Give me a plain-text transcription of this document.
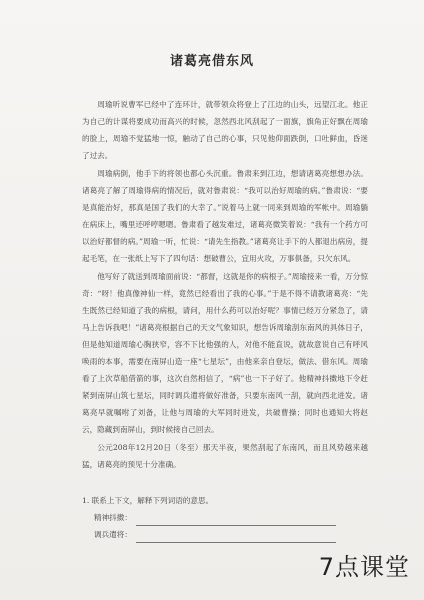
诸葛亮借东风

周瑜听说曹军已经中了连环计，就带领众将登上了江边的山头，远望江北。他正为自己的计谋将要成功而高兴的时候，忽然西北风刮起了一面旗，旗角正好飘在周瑜的脸上，周瑜不觉猛地一惊，触动了自己的心事，只见他仰面跌倒，口吐鲜血，昏迷了过去。

周瑜病倒，他手下的将领也都心头沉重。鲁肃来到江边，想请诸葛亮想想办法。诸葛亮了解了周瑜得病的情况后，就对鲁肃说：“我可以治好周瑜的病。”鲁肃说：“要是真能治好，那真是国了我们的大幸了。”说着马上就一同来到周瑜的军帐中。周瑜躺在病床上，嘴里还呼哼嗯嗯。鲁肃看了越发难过，诸葛亮微笑着说：“我有一个药方可以治好都督的病。”周瑜一听，忙说：“请先生指教。”诸葛亮让手下的人都退出病房，提起毛笔，在一张纸上写下了四句话：想破曹公，宜用火攻，万事俱备，只欠东风。

他写好了就送到周瑜面前说：“都督，这就是你的病根子。”周瑜接来一看，万分惊奇：“呀！他真像神仙一样，竟然已经看出了我的心事。”于是不得不请教诸葛亮：“先生既然已经知道了我的病根，请问，用什么药可以治好呢？事情已经万分紧急了，请马上告诉我吧！”诸葛亮根据自己的天文气象知识，想告诉周瑜刮东南风的具体日子，但是他知道周瑜心胸狭窄，容不下比他强的人，对他不能直说，就故意说自己有呼风唤雨的本事，需要在南屏山造一座“七星坛”，由他来亲自登坛，做法、借东风。周瑜看了上次草船借箭的事，这次自然相信了，“病”也一下子好了。他精神抖擞地下令赶紧到南屏山筑七星坛，同时调兵遣将做好准备，只要东南风一刮，就向西北进发。诸葛亮早就嘱咐了刘备，让他与周瑜的大军同时进发，共破曹操；同时也通知大将赵云，隐藏到南屏山，到时候接自己回去。

公元208年12月20日（冬至）那天半夜，果然刮起了东南风，而且风势越来越猛，诸葛亮的预见十分准确。

1. 联系上下文，解释下列词语的意思。
精神抖擞：
调兵遣将：
7点课堂
